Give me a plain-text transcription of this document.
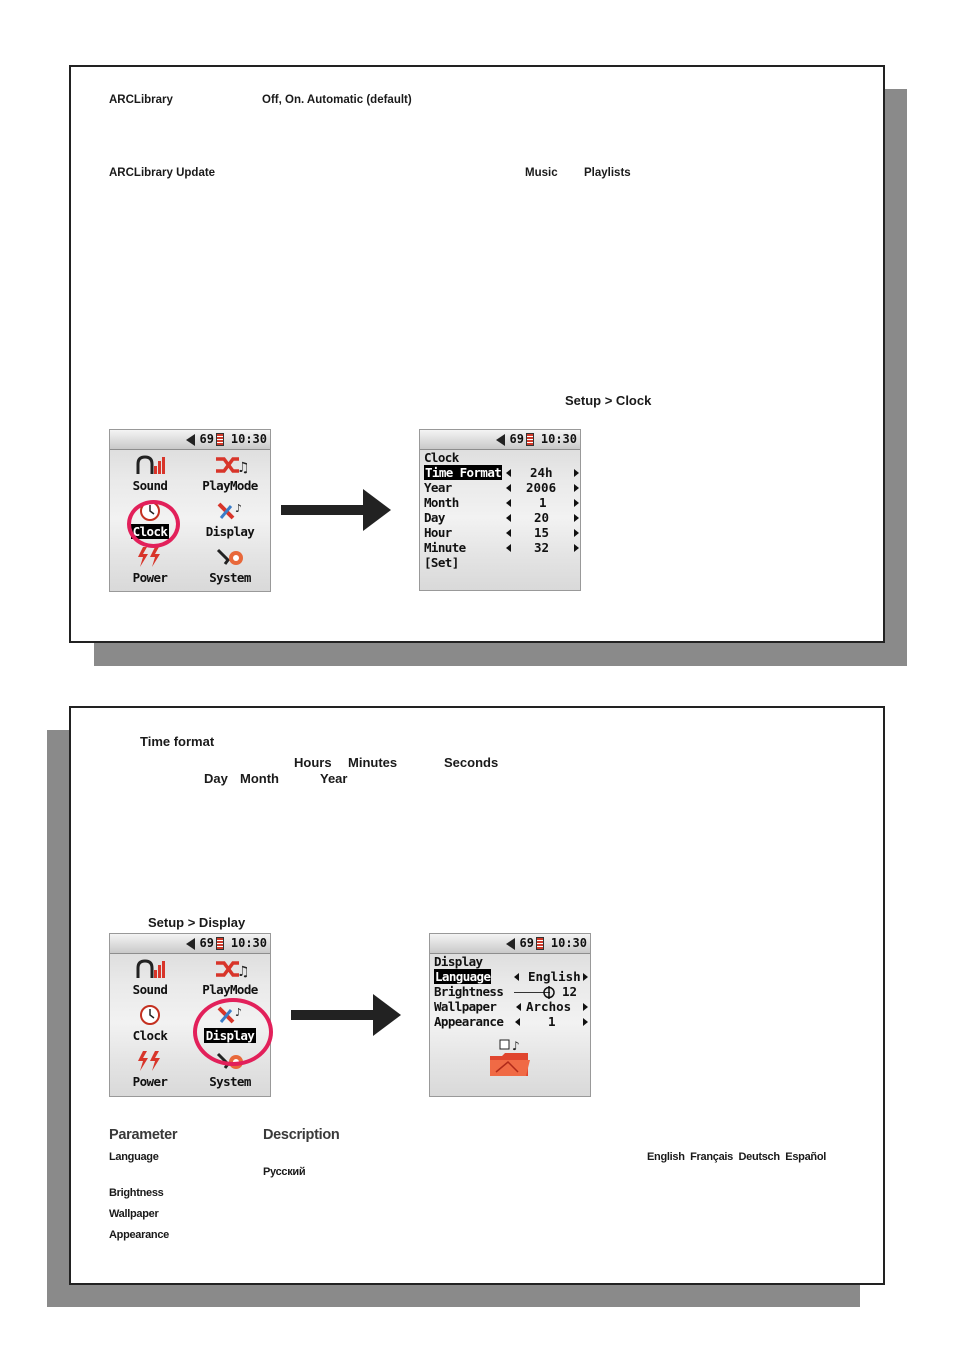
ARCLibrary	Off, On. Automatic (default)
ARCLibrary Update	Music Playlists
Setup > Clock
69 10:30
Sound
♫
PlayMode
Clock
♪
Display
Power	System
69 10:30
Clock
Time Format 24h
Year	2006
Month	1
Day	20
Hour	15
Minute	32
[Set]
Time format
Hours Minutes	Seconds
Day Month	Year
Setup > Display
69 10:30
Sound
♫
PlayMode
Clock
♪
Display
Power	System
69 10:30
Display
Language	English
Brightness	12
Wallpaper Archos
Appearance	1
♪
Parameter	Description
Language	English  Français  Deutsch  Español
Русский
Brightness
Wallpaper
Appearance
